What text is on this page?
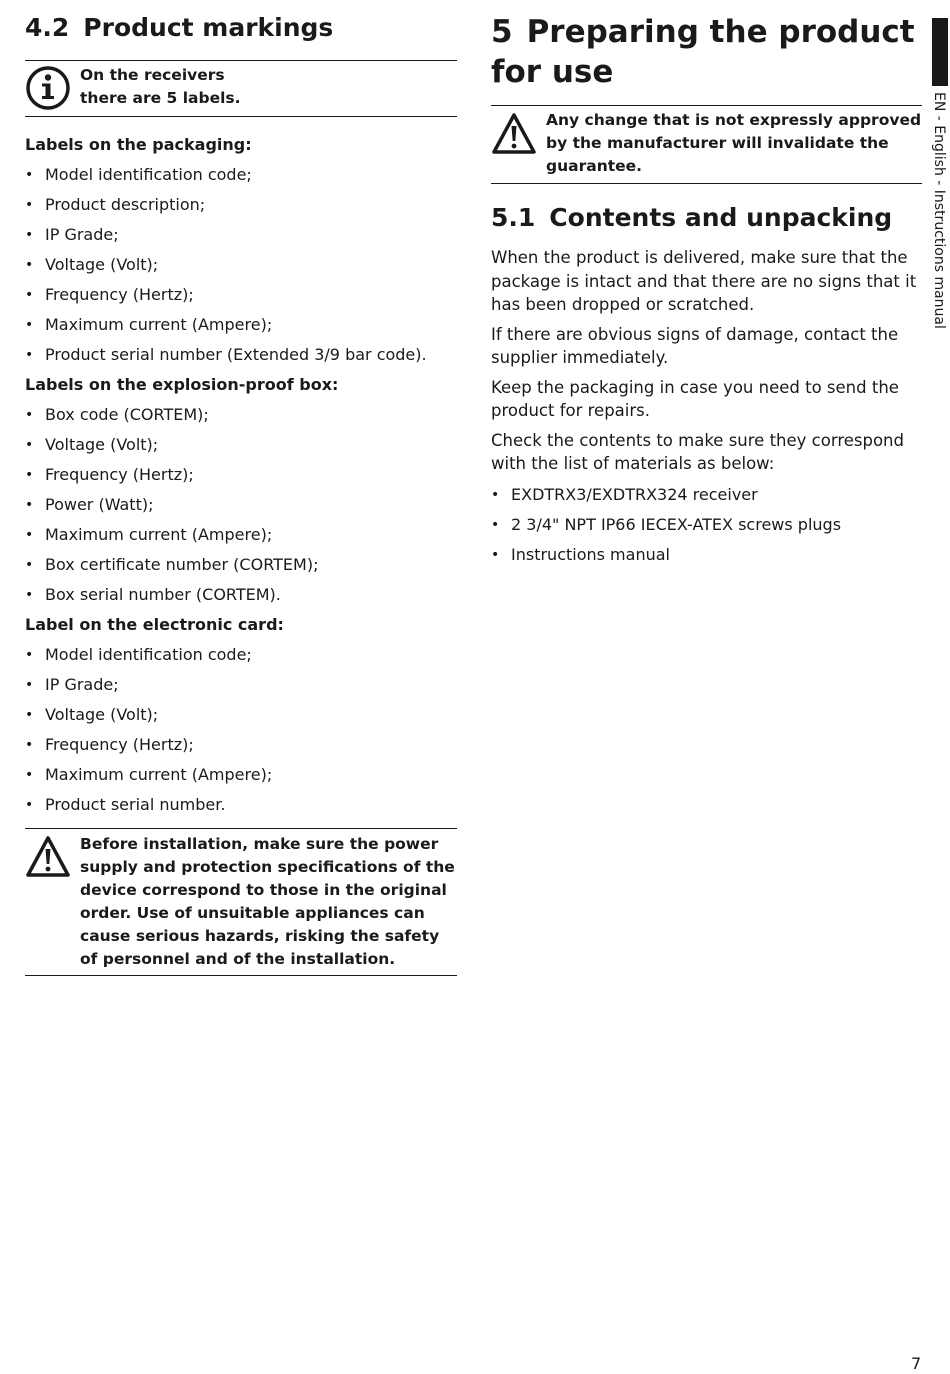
4.2 Product markings
On the receivers
there are 5 labels.
Labels on the packaging:
• Model identification code;
• Product description;
• IP Grade;
• Voltage (Volt);
• Frequency (Hertz);
• Maximum current (Ampere);
• Product serial number (Extended 3/9 bar code).
Labels on the explosion-proof box:
• Box code (CORTEM);
• Voltage (Volt);
• Frequency (Hertz);
• Power (Watt);
• Maximum current (Ampere);
• Box certificate number (CORTEM);
• Box serial number (CORTEM).
Label on the electronic card:
• Model identification code;
• IP Grade;
• Voltage (Volt);
• Frequency (Hertz);
• Maximum current (Ampere);
• Product serial number.
Before installation, make sure the power supply and protection specifications of the device correspond to those in the original order. Use of unsuitable appliances can cause serious hazards, risking the safety of personnel and of the installation.
5 Preparing the product
for use
Any change that is not expressly approved by the manufacturer will invalidate the guarantee.
5.1 Contents and unpacking

When the product is delivered, make sure that the package is intact and that there are no signs that it has been dropped or scratched.

If there are obvious signs of damage, contact the supplier immediately.

Keep the packaging in case you need to send the product for repairs.

Check the contents to make sure they correspond with the list of materials as below:

• EXDTRX3/EXDTRX324 receiver
• 2 3/4" NPT IP66 IECEX-ATEX screws plugs
• Instructions manual
EN - English - Instructions manual
7
